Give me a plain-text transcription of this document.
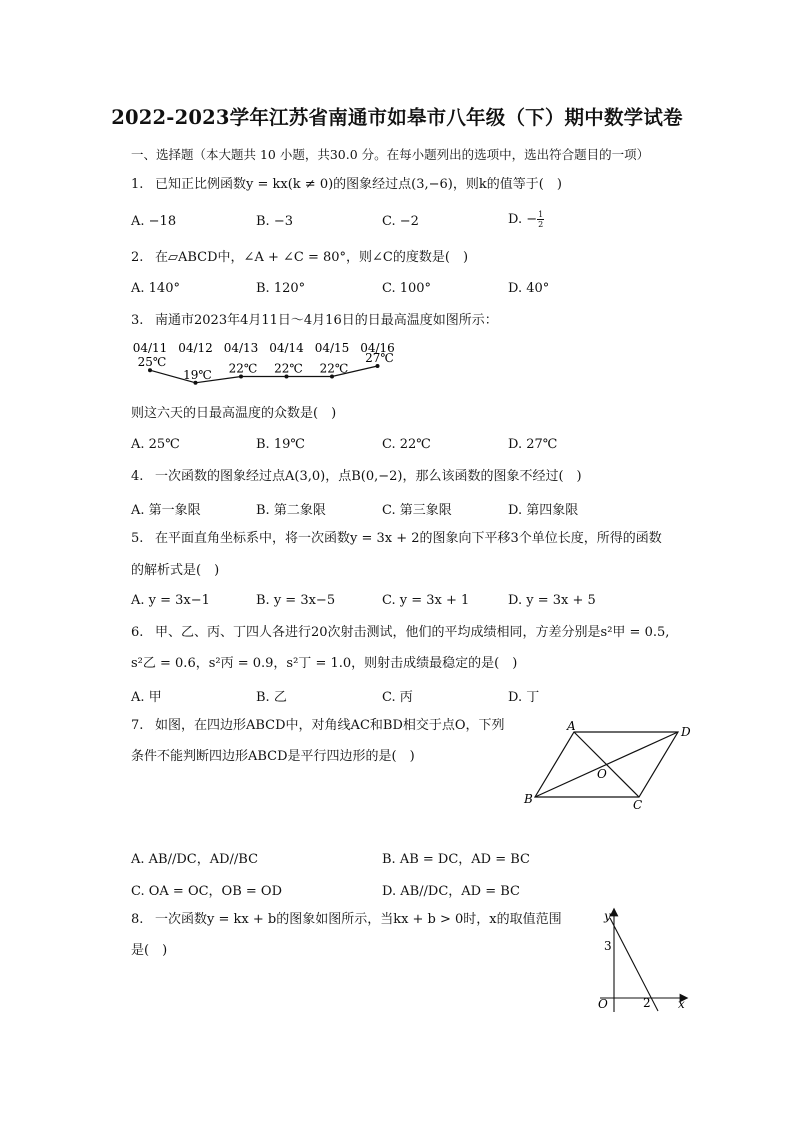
2022-2023学年江苏省南通市如皋市八年级（下）期中数学试卷
一、选择题（本大题共 10 小题，共30.0 分。在每小题列出的选项中，选出符合题目的一项）
1. 已知正比例函数y = kx(k ≠ 0)的图象经过点(3,−6)，则k的值等于(　)
A. −18	B. −3	C. −2	D. − $\frac{1}{2}$
2. 在▱ABCD中，∠A + ∠C = 80°，则∠C的度数是(　)
A. 140°	B. 120°	C. 100°	D. 40°
3. 南通市2023年4月11日～4月16日的日最高温度如图所示：
04/11 04/12 04/13 04/14 04/15 04/16
25℃
19℃ 22℃ 22℃ 22℃
27℃
则这六天的日最高温度的众数是(　)
A. 25℃	B. 19℃	C. 22℃	D. 27℃
4. 一次函数的图象经过点A(3,0)，点B(0,−2)，那么该函数的图象不经过(　)
A. 第一象限	B. 第二象限	C. 第三象限	D. 第四象限
5. 在平面直角坐标系中，将一次函数y = 3x + 2的图象向下平移3个单位长度，所得的函数
的解析式是(　)
A. y = 3x−1	B. y = 3x−5	C. y = 3x + 1	D. y = 3x + 5
6. 甲、乙、丙、丁四人各进行20次射击测试，他们的平均成绩相同，方差分别是s²甲 = 0.5,
s²乙 = 0.6，s²丙 = 0.9，s²丁 = 1.0，则射击成绩最稳定的是(　)
A. 甲	B. 乙	C. 丙	D. 丁
7. 如图，在四边形ABCD中，对角线AC和BD相交于点O，下列
条件不能判断四边形ABCD是平行四边形的是(　)
A	D
O
B	C
A. AB//DC，AD//BC	B. AB = DC，AD = BC
C. OA = OC，OB = OD	D. AB//DC，AD = BC
8. 一次函数y = kx + b的图象如图所示，当kx + b > 0时，x的取值范围
是(　)
y
3
O	2 x
